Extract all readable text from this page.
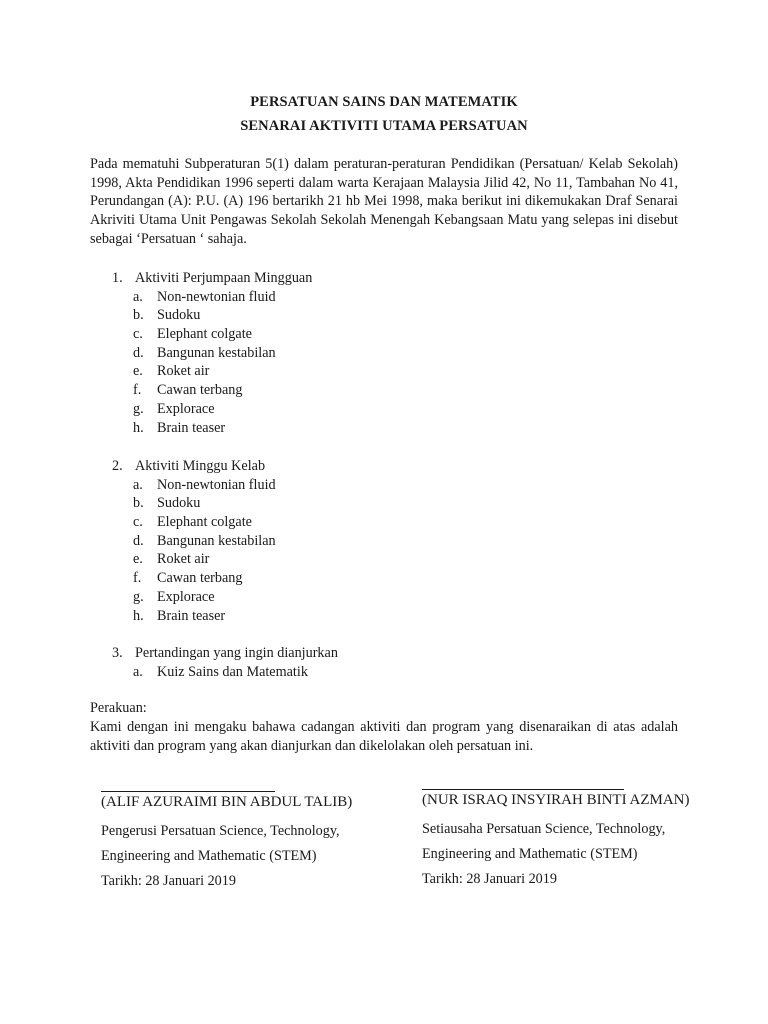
PERSATUAN SAINS DAN MATEMATIK
SENARAI AKTIVITI UTAMA PERSATUAN
Pada mematuhi Subperaturan 5(1) dalam peraturan-peraturan Pendidikan (Persatuan/ Kelab Sekolah) 1998, Akta Pendidikan 1996 seperti dalam warta Kerajaan Malaysia Jilid 42, No 11, Tambahan No 41, Perundangan (A): P.U. (A) 196 bertarikh 21 hb Mei 1998, maka berikut ini dikemukakan Draf Senarai Akriviti Utama Unit Pengawas Sekolah Sekolah Menengah Kebangsaan Matu yang selepas ini disebut sebagai ‘Persatuan ‘ sahaja.
1. Aktiviti Perjumpaan Mingguan
a. Non-newtonian fluid
b. Sudoku
c. Elephant colgate
d. Bangunan kestabilan
e. Roket air
f. Cawan terbang
g. Explorace
h. Brain teaser
2. Aktiviti Minggu Kelab
a. Non-newtonian fluid
b. Sudoku
c. Elephant colgate
d. Bangunan kestabilan
e. Roket air
f. Cawan terbang
g. Explorace
h. Brain teaser
3. Pertandingan yang ingin dianjurkan
a. Kuiz Sains dan Matematik
Perakuan:
Kami dengan ini mengaku bahawa cadangan aktiviti dan program yang disenaraikan di atas adalah aktiviti dan program yang akan dianjurkan dan dikelolakan oleh persatuan ini.
(ALIF AZURAIMI BIN ABDUL TALIB)
Pengerusi Persatuan Science, Technology,
Engineering and Mathematic (STEM)
Tarikh: 28 Januari 2019
(NUR ISRAQ INSYIRAH BINTI AZMAN)
Setiausaha Persatuan Science, Technology,
Engineering and Mathematic (STEM)
Tarikh: 28 Januari 2019
